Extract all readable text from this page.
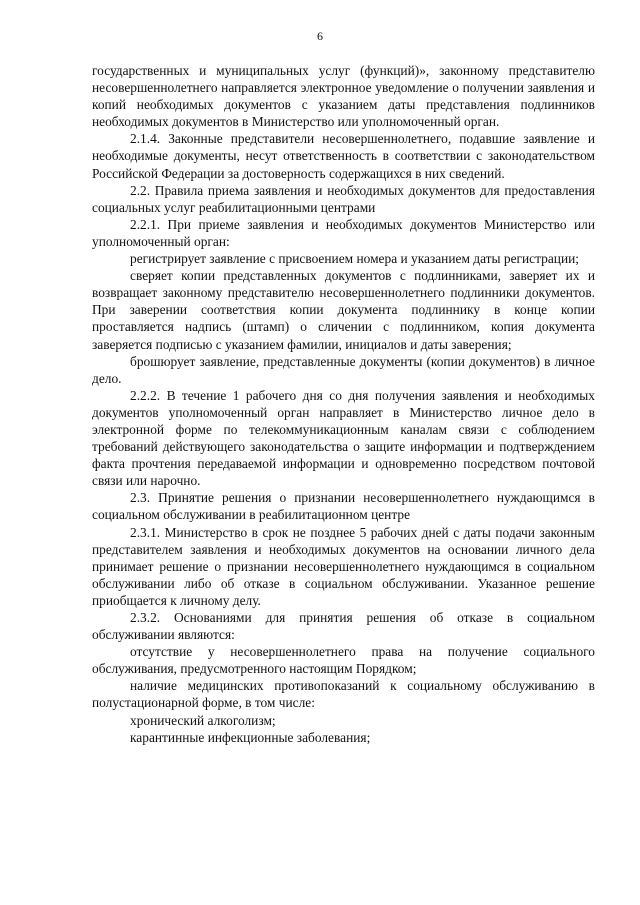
6

государственных и муниципальных услуг (функций)», законному представителю несовершеннолетнего направляется электронное уведомление о получении заявления и копий необходимых документов с указанием даты представления подлинников необходимых документов в Министерство или уполномоченный орган.

2.1.4. Законные представители несовершеннолетнего, подавшие заявление и необходимые документы, несут ответственность в соответствии с законодательством Российской Федерации за достоверность содержащихся в них сведений.

2.2. Правила приема заявления и необходимых документов для предоставления социальных услуг реабилитационными центрами

2.2.1. При приеме заявления и необходимых документов Министерство или уполномоченный орган:

регистрирует заявление с присвоением номера и указанием даты регистрации;

сверяет копии представленных документов с подлинниками, заверяет их и возвращает законному представителю несовершеннолетнего подлинники документов. При заверении соответствия копии документа подлиннику в конце копии проставляется надпись (штамп) о сличении с подлинником, копия документа заверяется подписью с указанием фамилии, инициалов и даты заверения;

брошюрует заявление, представленные документы (копии документов) в личное дело.

2.2.2. В течение 1 рабочего дня со дня получения заявления и необходимых документов уполномоченный орган направляет в Министерство личное дело в электронной форме по телекоммуникационным каналам связи с соблюдением требований действующего законодательства о защите информации и подтверждением факта прочтения передаваемой информации и одновременно посредством почтовой связи или нарочно.

2.3. Принятие решения о признании несовершеннолетнего нуждающимся в социальном обслуживании в реабилитационном центре

2.3.1. Министерство в срок не позднее 5 рабочих дней с даты подачи законным представителем заявления и необходимых документов на основании личного дела принимает решение о признании несовершеннолетнего нуждающимся в социальном обслуживании либо об отказе в социальном обслуживании. Указанное решение приобщается к личному делу.

2.3.2. Основаниями для принятия решения об отказе в социальном обслуживании являются:

отсутствие у несовершеннолетнего права на получение социального обслуживания, предусмотренного настоящим Порядком;

наличие медицинских противопоказаний к социальному обслуживанию в полустационарной форме, в том числе:

хронический алкоголизм;

карантинные инфекционные заболевания;
